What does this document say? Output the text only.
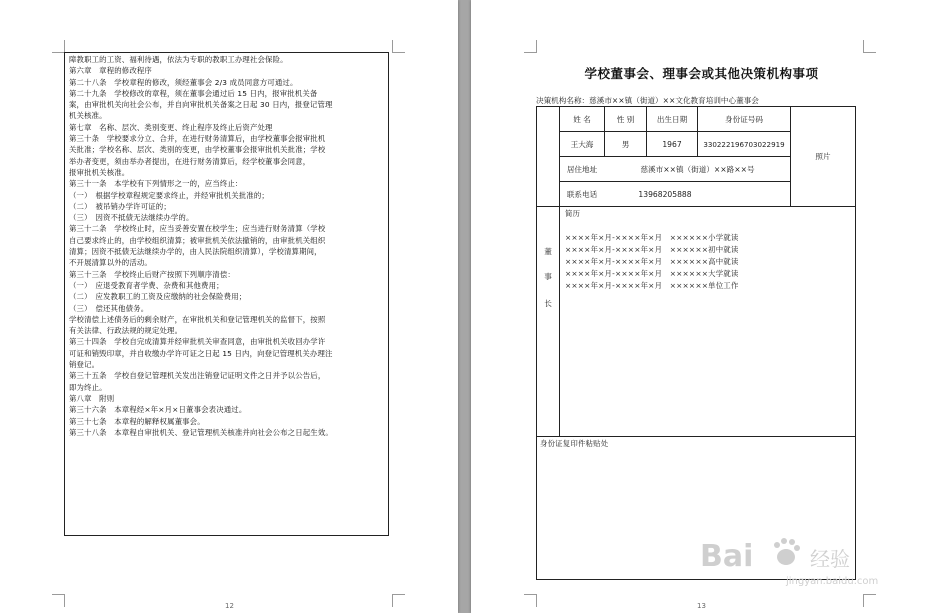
障教职工的工资、福利待遇，依法为专职的教职工办理社会保险。
第六章　章程的修改程序
第二十八条　学校章程的修改，须经董事会 2/3 成员同意方可通过。
第二十九条　学校修改的章程，须在董事会通过后 15 日内，报审批机关备
案，由审批机关向社会公布，并自向审批机关备案之日起 30 日内，报登记管理
机关核准。
第七章　名称、层次、类别变更、终止程序及终止后资产处理
第三十条　学校要求分立、合并，在进行财务清算后，由学校董事会报审批机
关批准；学校名称、层次、类别的变更，由学校董事会报审批机关批准；学校
举办者变更，须由举办者提出，在进行财务清算后，经学校董事会同意，
报审批机关核准。
第三十一条　本学校有下列情形之一的，应当终止：
（一）　根据学校章程规定要求终止，并经审批机关批准的；
（二）　被吊销办学许可证的；
（三）　因资不抵债无法继续办学的。
第三十二条　学校终止时，应当妥善安置在校学生；应当进行财务清算（学校
自己要求终止的，由学校组织清算；被审批机关依法撤销的，由审批机关组织
清算；因资不抵债无法继续办学的，由人民法院组织清算），学校清算期间，
不开展清算以外的活动。
第三十三条　学校终止后财产按照下列顺序清偿：
（一）　应退受教育者学费、杂费和其他费用；
（二）　应发教职工的工资及应缴纳的社会保险费用；
（三）　偿还其他债务。
学校清偿上述债务后的剩余财产，在审批机关和登记管理机关的监督下，按照
有关法律、行政法规的规定处理。
第三十四条　学校自完成清算并经审批机关审查同意，由审批机关收回办学许
可证和销毁印章，并自收缴办学许可证之日起 15 日内，向登记管理机关办理注
销登记。
第三十五条　学校自登记管理机关发出注销登记证明文件之日并予以公告后，
即为终止。
第八章　附则
第三十六条　本章程经×年×月×日董事会表决通过。
第三十七条　本章程的解释权属董事会。
第三十八条　本章程自审批机关、登记管理机关核准并向社会公布之日起生效。
12
学校董事会、理事会或其他决策机构事项
决策机构名称：慈溪市××镇（街道）××文化教育培训中心董事会
13
姓 名	性 别	出生日期	身份证号码
照片
王大海	男	1967	330222196703022919
居住地址	慈溪市××镇（街道）××路××号
联系电话	13968205888
董
事
长
简历
××××年×月-××××年×月　××××××小学就读
××××年×月-××××年×月　××××××初中就读
××××年×月-××××年×月　××××××高中就读
××××年×月-××××年×月　××××××大学就读
××××年×月-××××年×月　××××××单位工作
身份证复印件粘贴处
Bai	经验
jingyan.baidu.com
